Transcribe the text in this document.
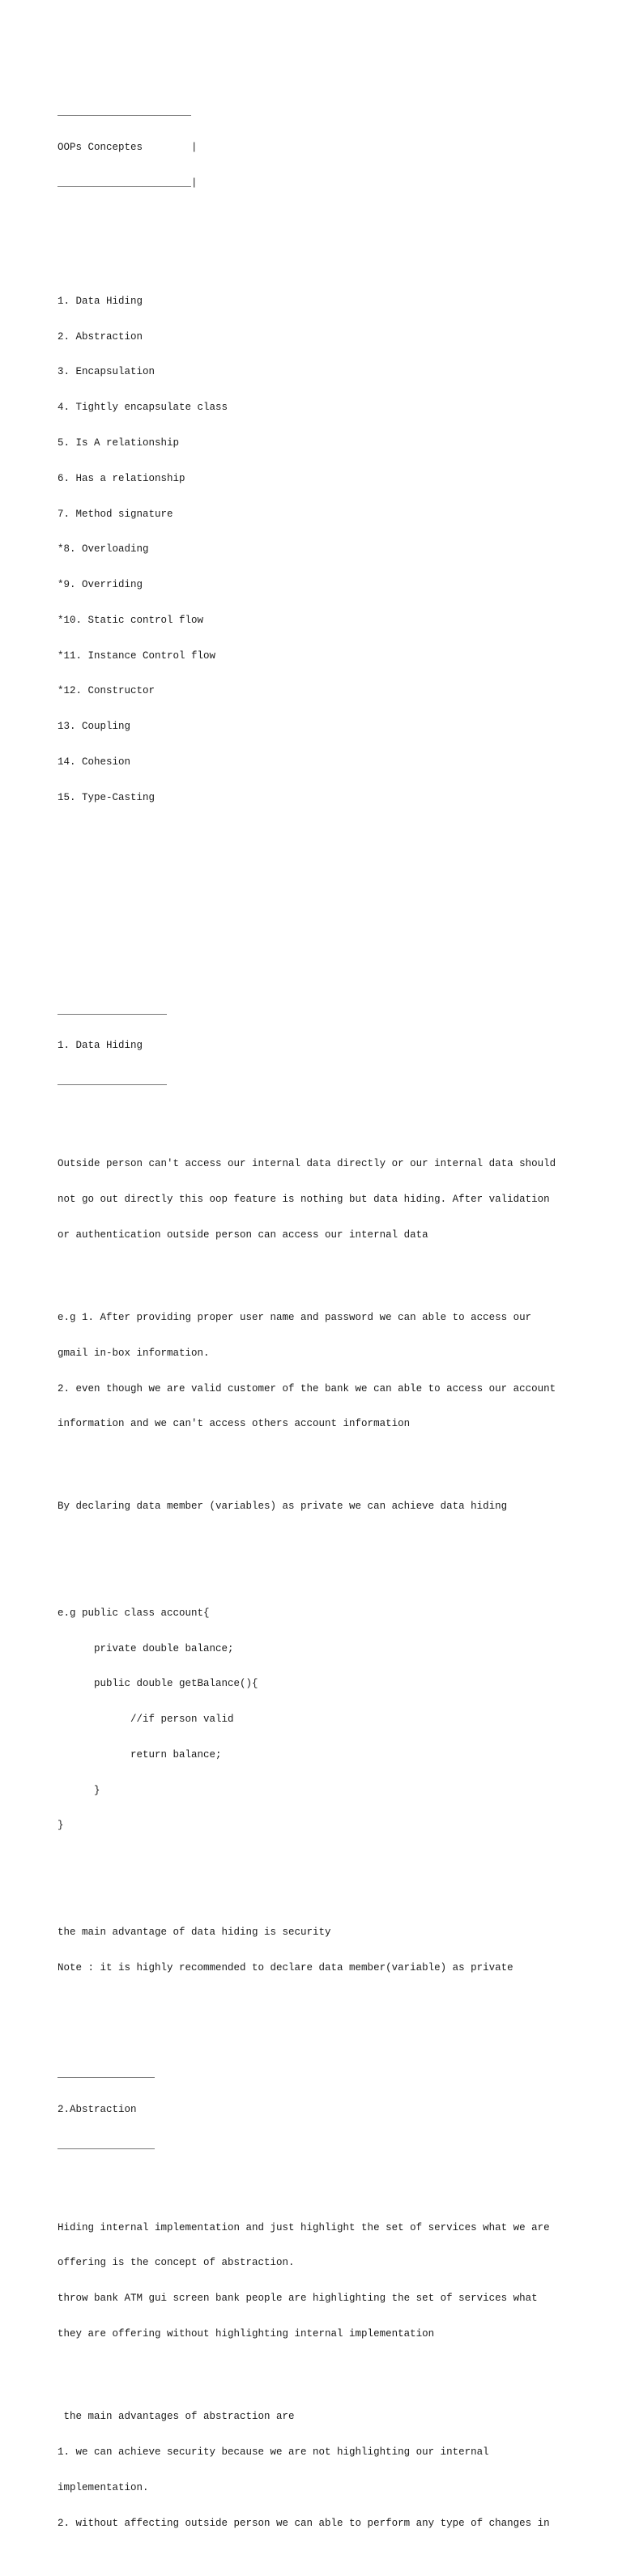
______________________

OOPs Conceptes        |

______________________|

1. Data Hiding

2. Abstraction

3. Encapsulation

4. Tightly encapsulate class

5. Is A relationship

6. Has a relationship

7. Method signature

*8. Overloading

*9. Overriding

*10. Static control flow

*11. Instance Control flow

*12. Constructor

13. Coupling

14. Cohesion

15. Type-Casting

__________________

1. Data Hiding

__________________

Outside person can't access our internal data directly or our internal data should

not go out directly this oop feature is nothing but data hiding. After validation

or authentication outside person can access our internal data

e.g 1. After providing proper user name and password we can able to access our

gmail in-box information.

2. even though we are valid customer of the bank we can able to access our account

information and we can't access others account information

By declaring data member (variables) as private we can achieve data hiding

e.g public class account{

private double balance;

public double getBalance(){

//if person valid

return balance;

}

}

the main advantage of data hiding is security

Note : it is highly recommended to declare data member(variable) as private

________________

2.Abstraction

________________

Hiding internal implementation and just highlight the set of services what we are

offering is the concept of abstraction.

throw bank ATM gui screen bank people are highlighting the set of services what

they are offering without highlighting internal implementation

the main advantages of abstraction are

1. we can achieve security because we are not highlighting our internal

implementation.

2. without affecting outside person we can able to perform any type of changes in
